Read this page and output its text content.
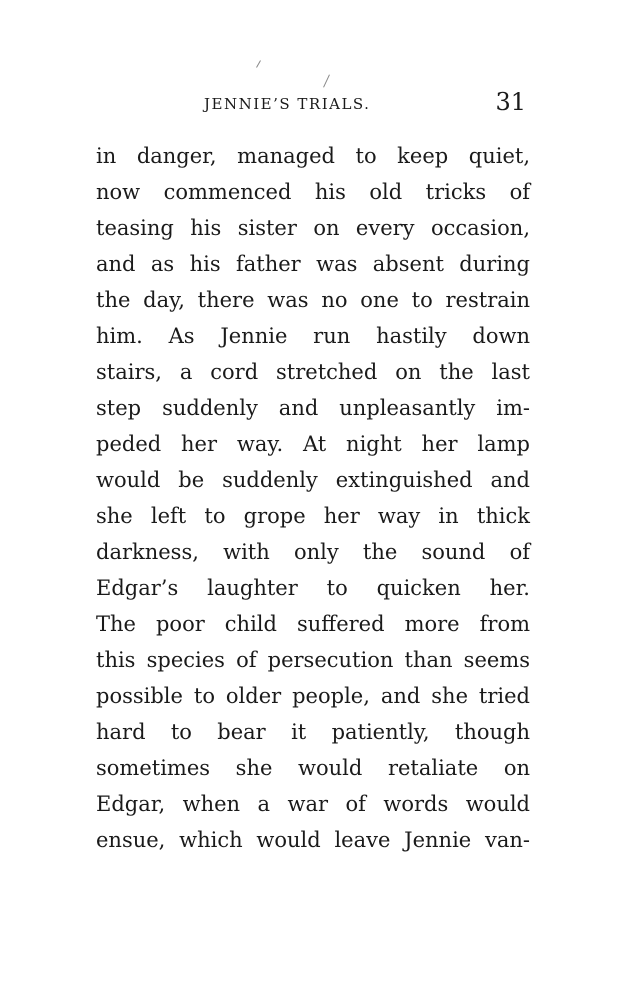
JENNIE’S TRIALS.	31
in danger, managed to keep quiet,
now commenced his old tricks of
teasing his sister on every occasion,
and as his father was absent during
the day, there was no one to restrain
him. As Jennie run hastily down
stairs, a cord stretched on the last
step suddenly and unpleasantly im-
peded her way. At night her lamp
would be suddenly extinguished and
she left to grope her way in thick
darkness, with only the sound of
Edgar’s laughter to quicken her.
The poor child suffered more from
this species of persecution than seems
possible to older people, and she tried
hard to bear it patiently, though
sometimes she would retaliate on
Edgar, when a war of words would
ensue, which would leave Jennie van-
